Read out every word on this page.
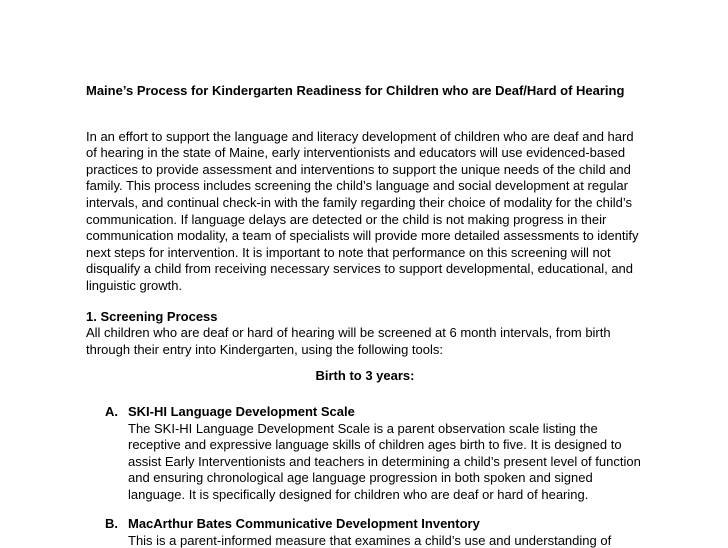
Maine’s Process for Kindergarten Readiness for Children who are Deaf/Hard of Hearing

In an effort to support the language and literacy development of children who are deaf and hard of hearing in the state of Maine, early interventionists and educators will use evidenced-based practices to provide assessment and interventions to support the unique needs of the child and family. This process includes screening the child’s language and social development at regular intervals, and continual check-in with the family regarding their choice of modality for the child’s communication. If language delays are detected or the child is not making progress in their communication modality, a team of specialists will provide more detailed assessments to identify next steps for intervention. It is important to note that performance on this screening will not disqualify a child from receiving necessary services to support developmental, educational, and linguistic growth.

1. Screening Process

All children who are deaf or hard of hearing will be screened at 6 month intervals, from birth through their entry into Kindergarten, using the following tools:

Birth to 3 years:
A. SKI-HI Language Development Scale

The SKI-HI Language Development Scale is a parent observation scale listing the receptive and expressive language skills of children ages birth to five. It is designed to assist Early Interventionists and teachers in determining a child’s present level of function and ensuring chronological age language progression in both spoken and signed language. It is specifically designed for children who are deaf or hard of hearing.

B. MacArthur Bates Communicative Development Inventory

This is a parent-informed measure that examines a child’s use and understanding of
